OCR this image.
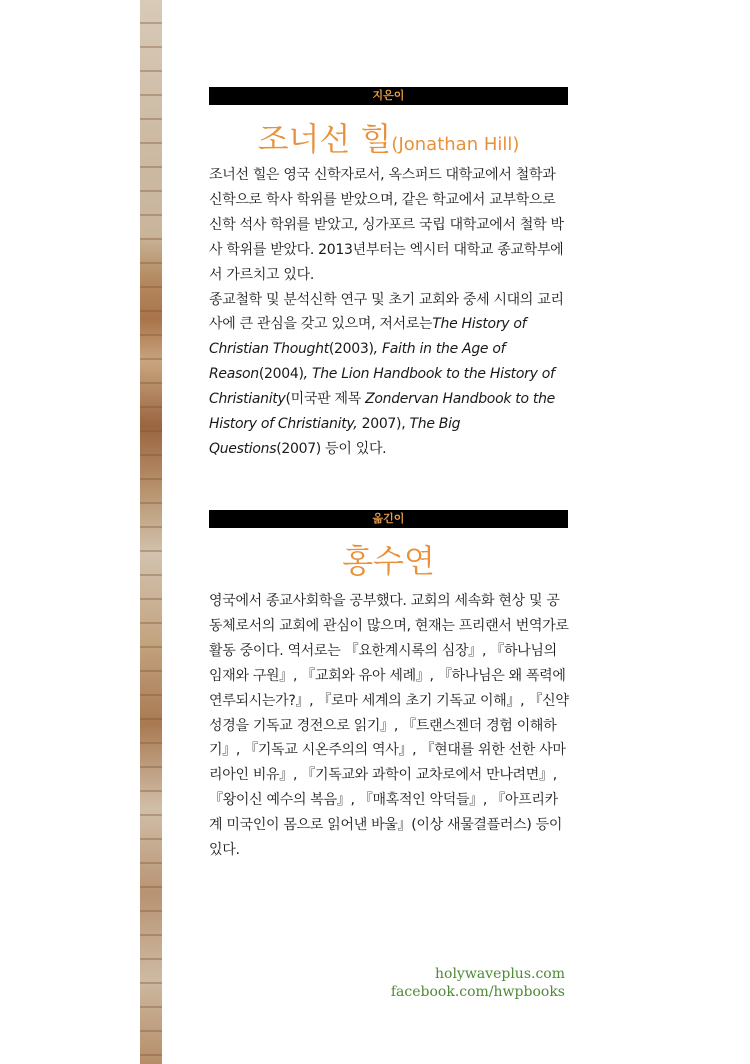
지은이
조너선 힐(Jonathan Hill)

조너선 힐은 영국 신학자로서, 옥스퍼드 대학교에서 철학과 신학으로 학사 학위를 받았으며, 같은 학교에서 교부학으로 신학 석사 학위를 받았고, 싱가포르 국립 대학교에서 철학 박사 학위를 받았다. 2013년부터는 엑시터 대학교 종교학부에서 가르치고 있다.

종교철학 및 분석신학 연구 및 초기 교회와 중세 시대의 교리사에 큰 관심을 갖고 있으며, 저서로는The History of Christian Thought(2003), Faith in the Age of Reason(2004), The Lion Handbook to the History of Christianity(미국판 제목 Zondervan Handbook to the History of Christianity, 2007), The Big Questions(2007) 등이 있다.

옮긴이
홍수연

영국에서 종교사회학을 공부했다. 교회의 세속화 현상 및 공동체로서의 교회에 관심이 많으며, 현재는 프리랜서 번역가로 활동 중이다. 역서로는 『요한계시록의 심장』, 『하나님의 임재와 구원』, 『교회와 유아 세례』, 『하나님은 왜 폭력에 연루되시는가?』, 『로마 세계의 초기 기독교 이해』, 『신약성경을 기독교 경전으로 읽기』, 『트랜스젠더 경험 이해하기』, 『기독교 시온주의의 역사』, 『현대를 위한 선한 사마리아인 비유』, 『기독교와 과학이 교차로에서 만나려면』, 『왕이신 예수의 복음』, 『매혹적인 악덕들』, 『아프리카계 미국인이 몸으로 읽어낸 바울』(이상 새물결플러스) 등이 있다.

holywaveplus.com
facebook.com/hwpbooks
